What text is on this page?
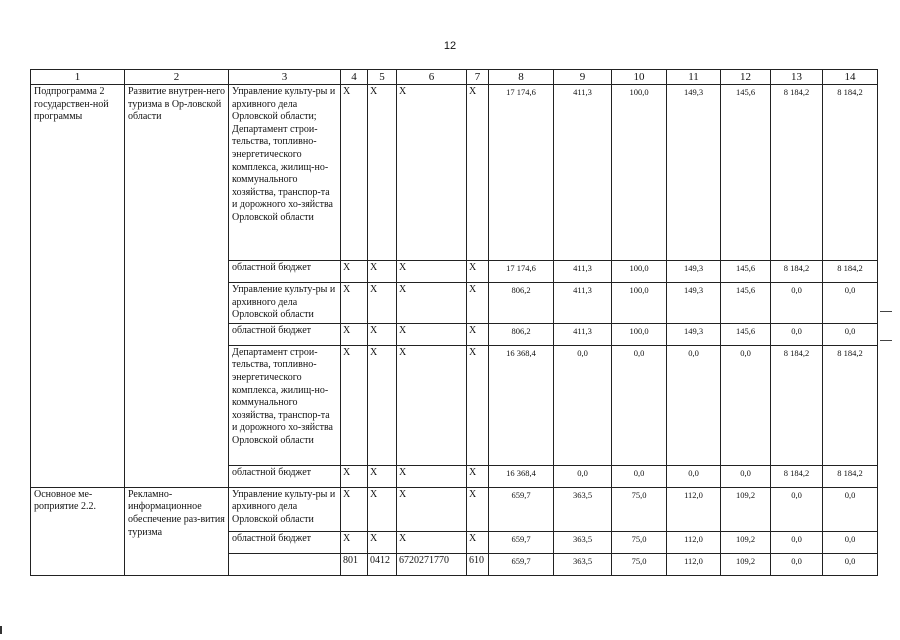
12
1	2	3	4	5	6	7	8	9	10	11	12	13	14
Подпрограмма 2 государствен-ной программы	Развитие внутрен-него туризма в Ор-ловской области	Управление культу-ры и архивного дела Орловской области; Департамент строи-тельства, топливно-энергетического комплекса, жилищ-но-коммунального хозяйства, транспор-та и дорожного хо-зяйства Орловской области	X	X	X	X	17 174,6	411,3	100,0	149,3	145,6	8 184,2	8 184,2
		областной бюджет	X	X	X	X	17 174,6	411,3	100,0	149,3	145,6	8 184,2	8 184,2
		Управление культу-ры и архивного дела Орловской области	X	X	X	X	806,2	411,3	100,0	149,3	145,6	0,0	0,0
		областной бюджет	X	X	X	X	806,2	411,3	100,0	149,3	145,6	0,0	0,0
		Департамент строи-тельства, топливно-энергетического комплекса, жилищ-но-коммунального хозяйства, транспор-та и дорожного хо-зяйства Орловской области	X	X	X	X	16 368,4	0,0	0,0	0,0	0,0	8 184,2	8 184,2
		областной бюджет	X	X	X	X	16 368,4	0,0	0,0	0,0	0,0	8 184,2	8 184,2
Основное ме-роприятие 2.2.	Рекламно-информационное обеспечение раз-вития туризма	Управление культу-ры и архивного дела Орловской области	X	X	X	X	659,7	363,5	75,0	112,0	109,2	0,0	0,0
		областной бюджет	X	X	X	X	659,7	363,5	75,0	112,0	109,2	0,0	0,0
			801	0412	6720271770	610	659,7	363,5	75,0	112,0	109,2	0,0	0,0
